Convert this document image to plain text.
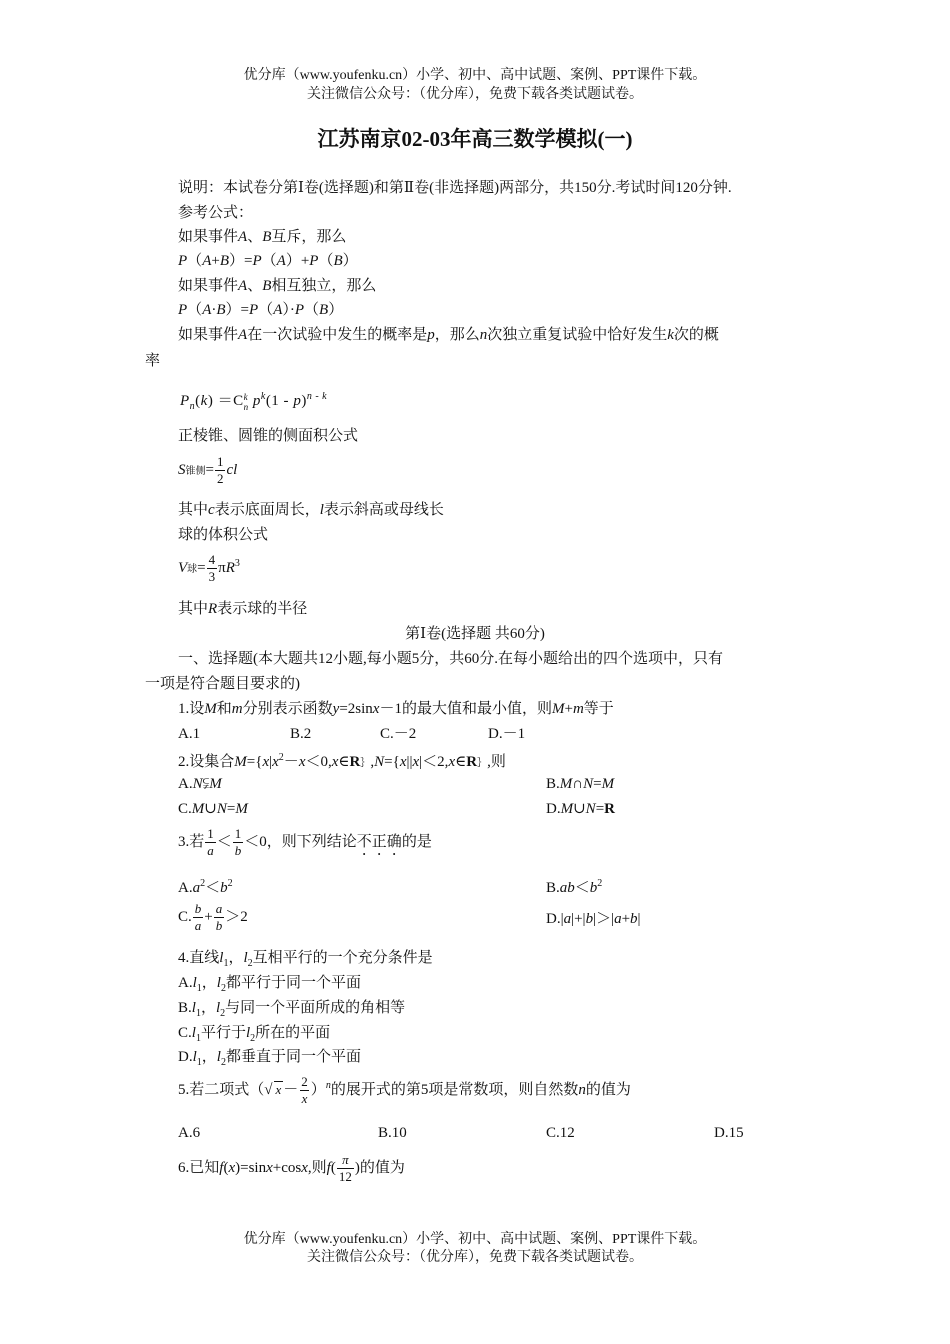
优分库（www.youfenku.cn）小学、初中、高中试题、案例、PPT课件下载。
关注微信公众号：（优分库），免费下载各类试题试卷。
江苏南京02-03年高三数学模拟(一)
说明：本试卷分第Ⅰ卷(选择题)和第Ⅱ卷(非选择题)两部分，共150分.考试时间120分钟.
参考公式：
如果事件A、B互斥，那么
P（A+B）=P（A）+P（B）
如果事件A、B相互独立，那么
P（A·B）=P（A）·P（B）
如果事件A在一次试验中发生的概率是p，那么n次独立重复试验中恰好发生k次的概
率
$P_n(k) =C$ k
n $p^k(1 - p)^{n - k}$
正棱锥、圆锥的侧面积公式
S锥侧= $\frac{1}{2}$ cl
其中c表示底面周长，l表示斜高或母线长
球的体积公式
V球= $\frac{4}{3} \pi R^3$
其中R表示球的半径
第Ⅰ卷(选择题 共60分)
一、选择题(本大题共12小题,每小题5分，共60分.在每小题给出的四个选项中，只有
一项是符合题目要求的)
1.设M和m分别表示函数y=2sinx－1的最大值和最小值，则M+m等于
A.1	B.2	C.－2	D.－1
2.设集合$M=\{x|x^2-x<0,x\in R\},N=\{x||x|<2,x\in R\}$,则
A.N⫋M	B.M∩N=M
C.M∪N=M	D.M∪N=R
3.若 $\frac{1}{a} < \frac{1}{b} <0$，则下列结论不正确的是
$A.a^2<b^2$	$B.ab<b^2$
C. $\frac{b}{a} + \frac{a}{b} >2$	D.|a|+|b|＞|a+b|
4.直线$l_1$，$l_2$互相平行的一个充分条件是
$A.l_1$，$l_2$都平行于同一个平面
$B.l_1$，$l_2$与同一个平面所成的角相等
$C.l_1$平行于$l_2$所在的平面
$D.l_1$，$l_2$都垂直于同一个平面
5.若二项式（√ $x - \frac{2}{x} )^n$的展开式的第5项是常数项，则自然数n的值为
A.6	B.10	C.12	D.15
6.已知f(x)=sinx+cosx,则$f( \frac{\pi}{12}$ )的值为
优分库（www.youfenku.cn）小学、初中、高中试题、案例、PPT课件下载。
关注微信公众号：（优分库），免费下载各类试题试卷。
